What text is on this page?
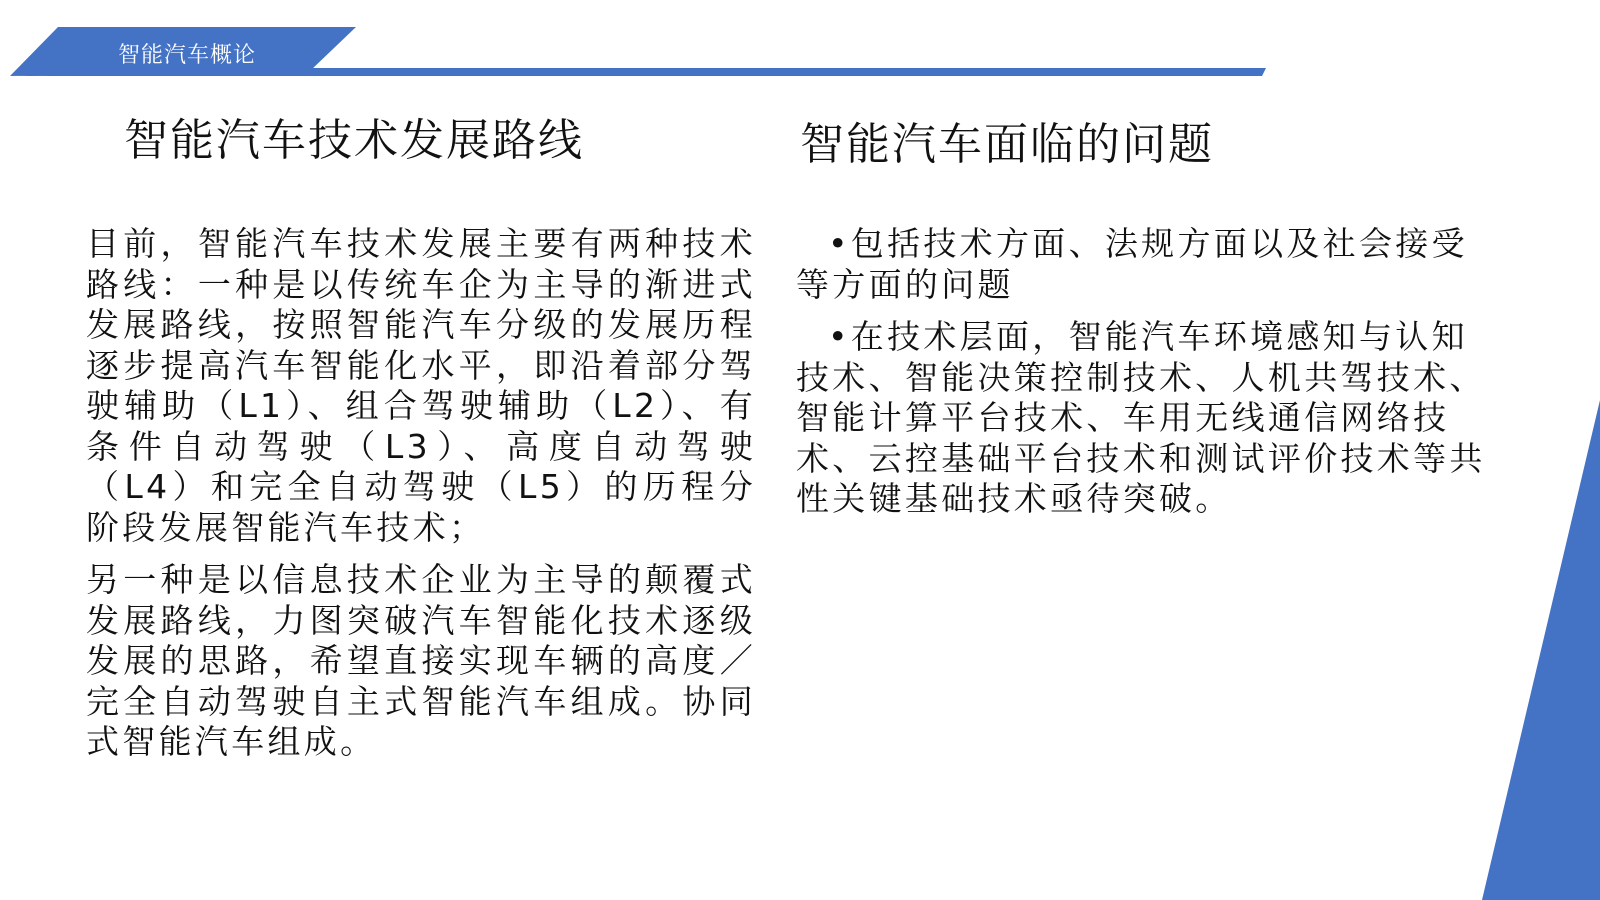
智能汽车概论
智能汽车技术发展路线	智能汽车面临的问题

目前，智能汽车技术发展主要有两种技术路线：一种是以传统车企为主导的渐进式发展路线，按照智能汽车分级的发展历程逐步提高汽车智能化水平，即沿着部分驾驶辅助（L1）、组合驾驶辅助（L2）、有条件自动驾驶（L3）、高度自动驾驶（L4）和完全自动驾驶（L5）的历程分阶段发展智能汽车技术；

另一种是以信息技术企业为主导的颠覆式发展路线，力图突破汽车智能化技术逐级发展的思路，希望直接实现车辆的高度／完全自动驾驶自主式智能汽车组成。协同式智能汽车组成。

•包括技术方面、法规方面以及社会接受等方面的问题

•在技术层面，智能汽车环境感知与认知技术、智能决策控制技术、人机共驾技术、智能计算平台技术、车用无线通信网络技术、云控基础平台技术和测试评价技术等共性关键基础技术亟待突破。
